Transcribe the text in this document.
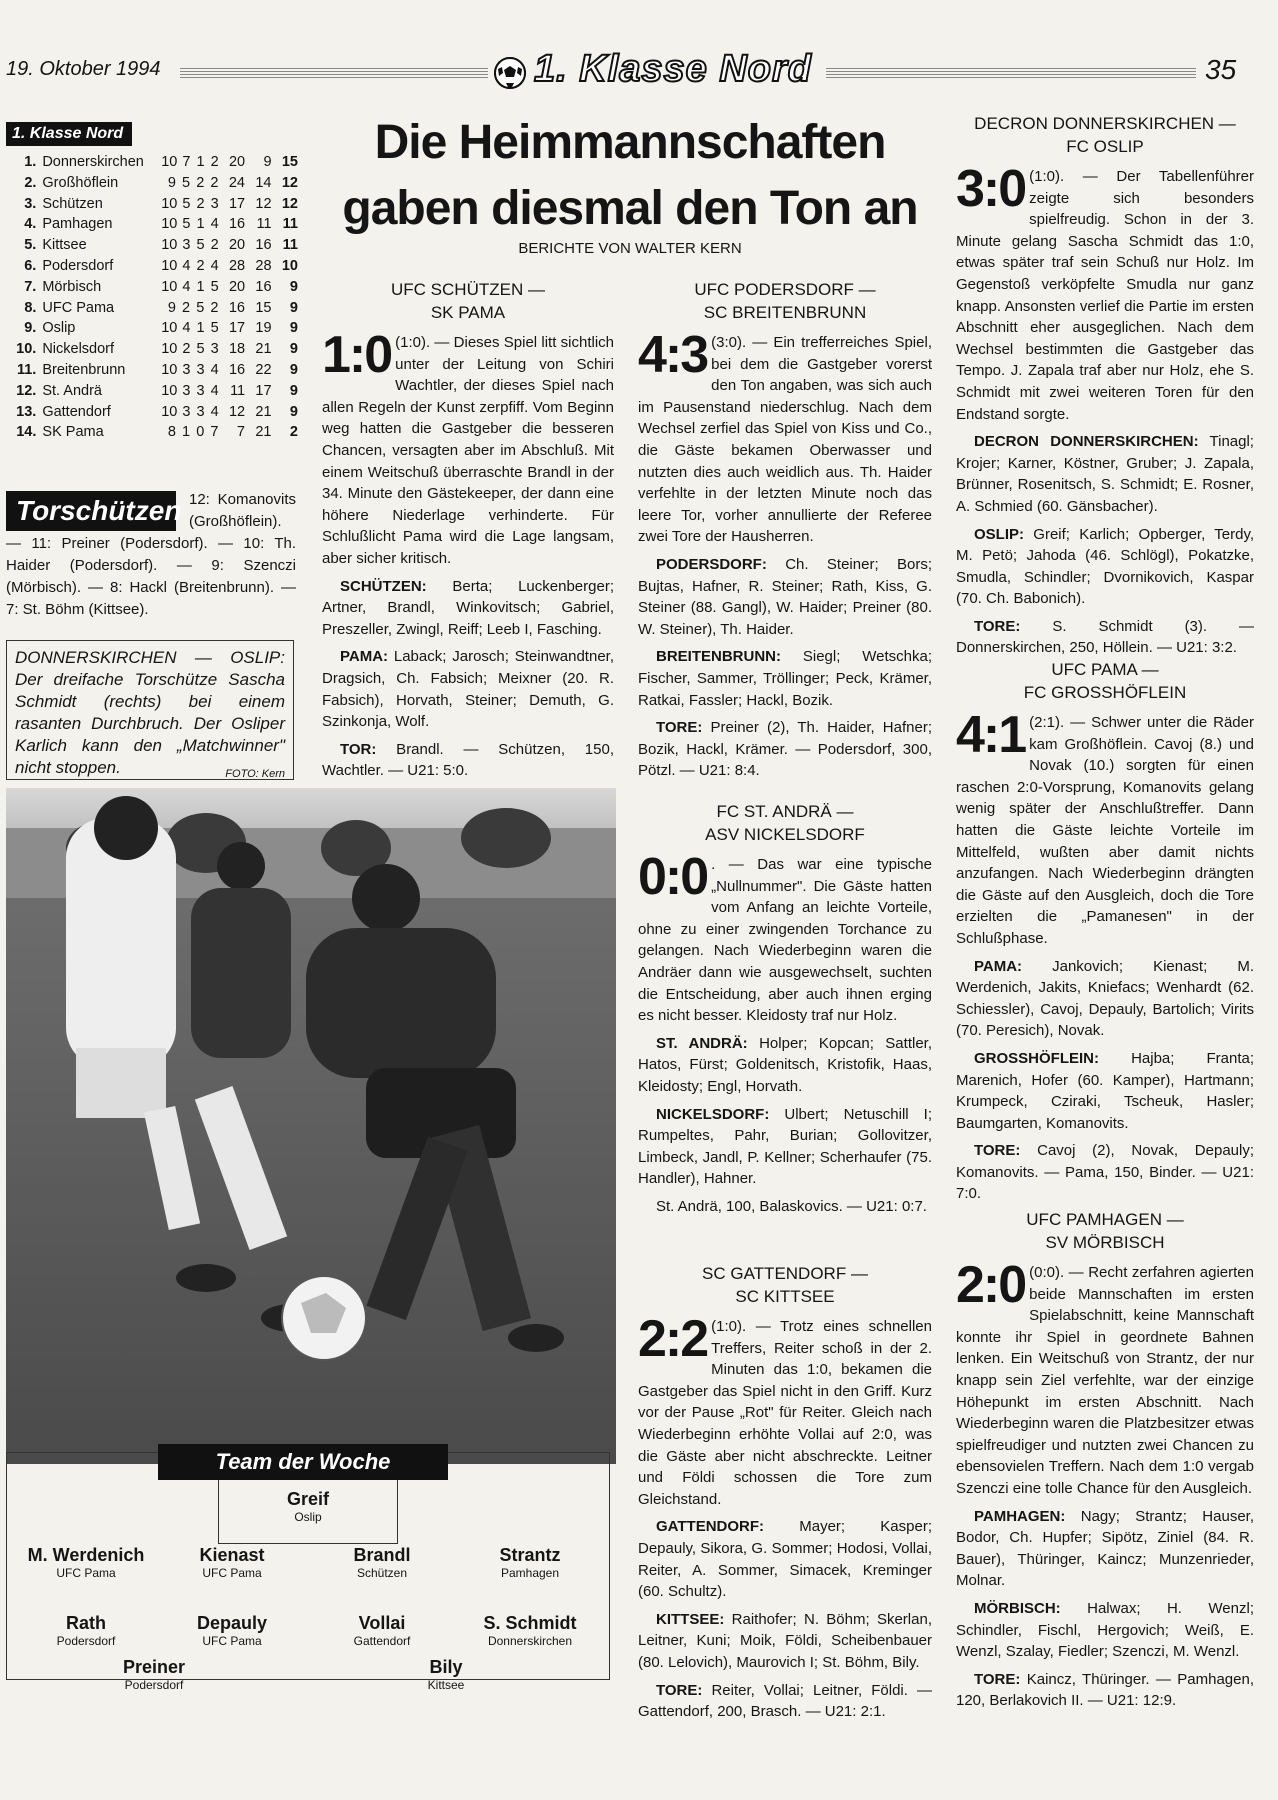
19. Oktober 1994	1. Klasse Nord	35
1. Klasse Nord
1. Donnerskirchen	10 7 1 2 20	9 15
2. Großhöflein	9 5 2 2 24 14 12
3. Schützen	10 5 2 3 17 12 12
4. Pamhagen	10 5 1 4 16 11 11
5. Kittsee	10 3 5 2 20 16 11
6. Podersdorf	10 4 2 4 28 28 10
7. Mörbisch	10 4 1 5 20 16	9
8. UFC Pama	9 2 5 2 16 15	9
9. Oslip	10 4 1 5 17 19	9
10. Nickelsdorf	10 2 5 3 18 21	9
11. Breitenbrunn	10 3 3 4 16 22	9
12. St. Andrä	10 3 3 4 11 17	9
13. Gattendorf	10 3 3 4 12 21	9
14. SK Pama	8 1 0 7	7 21	2
Torschützen 12: Komanovits (Großhöflein). — 11: Preiner (Podersdorf). — 10: Th. Haider (Podersdorf). — 9: Szenczi (Mörbisch). — 8: Hackl (Breitenbrunn). — 7: St. Böhm (Kittsee).
DONNERSKIRCHEN — OSLIP: Der dreifache Torschütze Sascha Schmidt (rechts) bei einem rasanten Durchbruch. Der Osliper Karlich kann den „Matchwinner" nicht stoppen.	FOTO: Kern
Die Heimmannschaften
gaben diesmal den Ton an
BERICHTE VON WALTER KERN
UFC SCHÜTZEN —
SK PAMA
1:0 (1:0). — Dieses Spiel litt sichtlich unter der Leitung von Schiri Wachtler, der dieses Spiel nach allen Regeln der Kunst zerpfiff. Vom Beginn weg hatten die Gastgeber die besseren Chancen, versagten aber im Abschluß. Mit einem Weitschuß überraschte Brandl in der 34. Minute den Gästekeeper, der dann eine höhere Niederlage verhinderte. Für Schlußlicht Pama wird die Lage langsam, aber sicher kritisch.

SCHÜTZEN: Berta; Luckenberger; Artner, Brandl, Winkovitsch; Gabriel, Preszeller, Zwingl, Reiff; Leeb I, Fasching.

PAMA: Laback; Jarosch; Steinwandtner, Dragsich, Ch. Fabsich; Meixner (20. R. Fabsich), Horvath, Steiner; Demuth, G. Szinkonja, Wolf.

TOR: Brandl. — Schützen, 150, Wachtler. — U21: 5:0.

UFC PODERSDORF —
SC BREITENBRUNN
4:3 (3:0). — Ein trefferreiches Spiel, bei dem die Gastgeber vorerst den Ton angaben, was sich auch im Pausenstand niederschlug. Nach dem Wechsel zerfiel das Spiel von Kiss und Co., die Gäste bekamen Oberwasser und nutzten dies auch weidlich aus. Th. Haider verfehlte in der letzten Minute noch das leere Tor, vorher annullierte der Referee zwei Tore der Hausherren.

PODERSDORF: Ch. Steiner; Bors; Bujtas, Hafner, R. Steiner; Rath, Kiss, G. Steiner (88. Gangl), W. Haider; Preiner (80. W. Steiner), Th. Haider.

BREITENBRUNN: Siegl; Wetschka; Fischer, Sammer, Tröllinger; Peck, Krämer, Ratkai, Fassler; Hackl, Bozik.

TORE: Preiner (2), Th. Haider, Hafner; Bozik, Hackl, Krämer. — Podersdorf, 300, Pötzl. — U21: 8:4.

FC ST. ANDRÄ —
ASV NICKELSDORF
0:0 . — Das war eine typische „Nullnummer". Die Gäste hatten vom Anfang an leichte Vorteile, ohne zu einer zwingenden Torchance zu gelangen. Nach Wiederbeginn waren die Andräer dann wie ausgewechselt, suchten die Entscheidung, aber auch ihnen erging es nicht besser. Kleidosty traf nur Holz.

ST. ANDRÄ: Holper; Kopcan; Sattler, Hatos, Fürst; Goldenitsch, Kristofik, Haas, Kleidosty; Engl, Horvath.

NICKELSDORF: Ulbert; Netuschill I; Rumpeltes, Pahr, Burian; Gollovitzer, Limbeck, Jandl, P. Kellner; Scherhaufer (75. Handler), Hahner.

St. Andrä, 100, Balaskovics. — U21: 0:7.

SC GATTENDORF —
SC KITTSEE
2:2 (1:0). — Trotz eines schnellen Treffers, Reiter schoß in der 2. Minuten das 1:0, bekamen die Gastgeber das Spiel nicht in den Griff. Kurz vor der Pause „Rot" für Reiter. Gleich nach Wiederbeginn erhöhte Vollai auf 2:0, was die Gäste aber nicht abschreckte. Leitner und Földi schossen die Tore zum Gleichstand.

GATTENDORF: Mayer; Kasper; Depauly, Sikora, G. Sommer; Hodosi, Vollai, Reiter, A. Sommer, Simacek, Kreminger (60. Schultz).

KITTSEE: Raithofer; N. Böhm; Skerlan, Leitner, Kuni; Moik, Földi, Scheibenbauer (80. Lelovich), Maurovich I; St. Böhm, Bily.

TORE: Reiter, Vollai; Leitner, Földi. — Gattendorf, 200, Brasch. — U21: 2:1.

DECRON DONNERSKIRCHEN —
FC OSLIP
3:0 (1:0). — Der Tabellenführer zeigte sich besonders spielfreudig. Schon in der 3. Minute gelang Sascha Schmidt das 1:0, etwas später traf sein Schuß nur Holz. Im Gegenstoß verköpfelte Smudla nur ganz knapp. Ansonsten verlief die Partie im ersten Abschnitt eher ausgeglichen. Nach dem Wechsel bestimmten die Gastgeber das Tempo. J. Zapala traf aber nur Holz, ehe S. Schmidt mit zwei weiteren Toren für den Endstand sorgte.

DECRON DONNERSKIRCHEN: Tinagl; Krojer; Karner, Köstner, Gruber; J. Zapala, Brünner, Rosenitsch, S. Schmidt; E. Rosner, A. Schmied (60. Gänsbacher).

OSLIP: Greif; Karlich; Opberger, Terdy, M. Petö; Jahoda (46. Schlögl), Pokatzke, Smudla, Schindler; Dvornikovich, Kaspar (70. Ch. Babonich).

TORE: S. Schmidt (3). — Donnerskirchen, 250, Höllein. — U21: 3:2.

UFC PAMA —
FC GROSSHÖFLEIN
4:1 (2:1). — Schwer unter die Räder kam Großhöflein. Cavoj (8.) und Novak (10.) sorgten für einen raschen 2:0-Vorsprung, Komanovits gelang wenig später der Anschlußtreffer. Dann hatten die Gäste leichte Vorteile im Mittelfeld, wußten aber damit nichts anzufangen. Nach Wiederbeginn drängten die Gäste auf den Ausgleich, doch die Tore erzielten die „Pamanesen" in der Schlußphase.

PAMA: Jankovich; Kienast; M. Werdenich, Jakits, Kniefacs; Wenhardt (62. Schiessler), Cavoj, Depauly, Bartolich; Virits (70. Peresich), Novak.

GROSSHÖFLEIN: Hajba; Franta; Marenich, Hofer (60. Kamper), Hartmann; Krumpeck, Cziraki, Tscheuk, Hasler; Baumgarten, Komanovits.

TORE: Cavoj (2), Novak, Depauly; Komanovits. — Pama, 150, Binder. — U21: 7:0.

UFC PAMHAGEN —
SV MÖRBISCH
2:0 (0:0). — Recht zerfahren agierten beide Mannschaften im ersten Spielabschnitt, keine Mannschaft konnte ihr Spiel in geordnete Bahnen lenken. Ein Weitschuß von Strantz, der nur knapp sein Ziel verfehlte, war der einzige Höhepunkt im ersten Abschnitt. Nach Wiederbeginn waren die Platzbesitzer etwas spielfreudiger und nutzten zwei Chancen zu ebensovielen Treffern. Nach dem 1:0 vergab Szenczi eine tolle Chance für den Ausgleich.

PAMHAGEN: Nagy; Strantz; Hauser, Bodor, Ch. Hupfer; Sipötz, Ziniel (84. R. Bauer), Thüringer, Kaincz; Munzenrieder, Molnar.

MÖRBISCH: Halwax; H. Wenzl; Schindler, Fischl, Hergovich; Weiß, E. Wenzl, Szalay, Fiedler; Szenczi, M. Wenzl.

TORE: Kaincz, Thüringer. — Pamhagen, 120, Berlakovich II. — U21: 12:9.

Team der Woche
Greif
Oslip
M. Werdenich
UFC Pama
Kienast
UFC Pama
Brandl
Schützen
Strantz
Pamhagen
Rath
Podersdorf
Depauly
UFC Pama
Vollai
Gattendorf
S. Schmidt
Donnerskirchen
Preiner
Podersdorf
Bily
Kittsee
